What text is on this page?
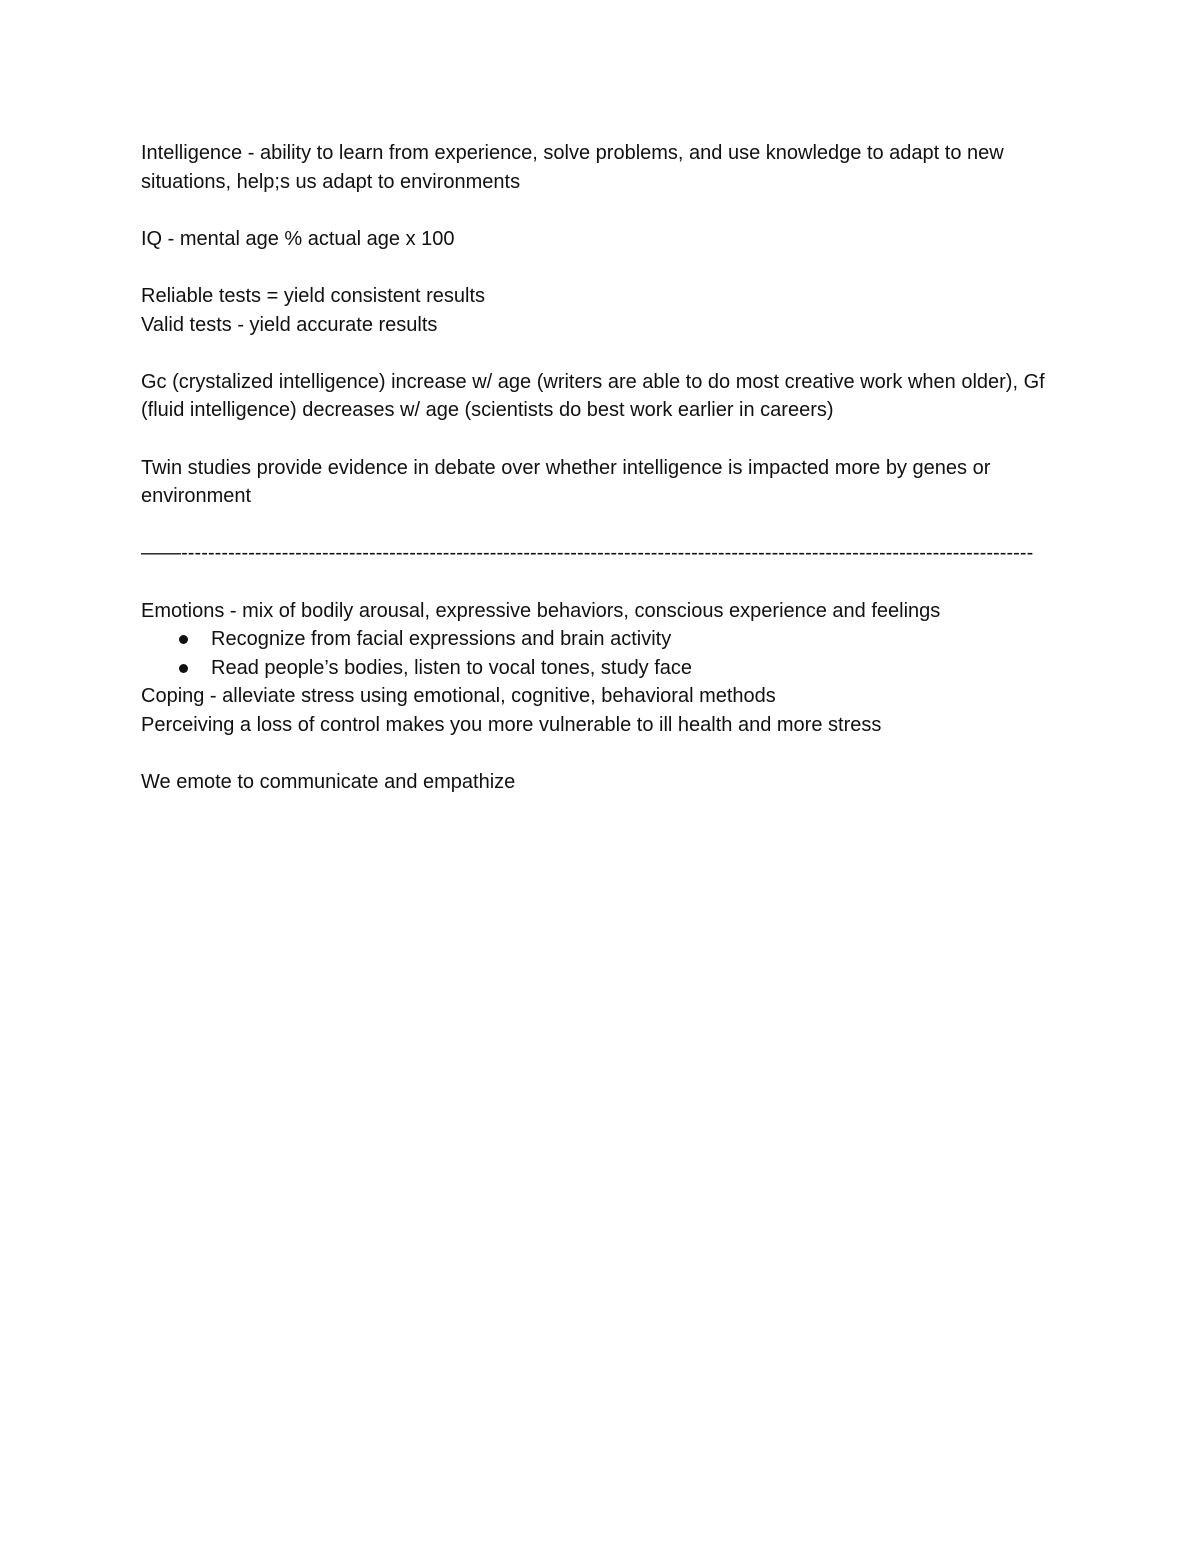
Intelligence - ability to learn from experience, solve problems, and use knowledge to adapt to new situations, help;s us adapt to environments

IQ - mental age % actual age x 100

Reliable tests = yield consistent results

Valid tests - yield accurate results

Gc (crystalized intelligence) increase w/ age (writers are able to do most creative work when older), Gf (fluid intelligence) decreases w/ age (scientists do best work earlier in careers)

Twin studies provide evidence in debate over whether intelligence is impacted more by genes or environment

——-------------------------------------------------------------------------------------------------------------------------------

Emotions - mix of bodily arousal, expressive behaviors, conscious experience and feelings

Recognize from facial expressions and brain activity
Read people’s bodies, listen to vocal tones, study face

Coping - alleviate stress using emotional, cognitive, behavioral methods

Perceiving a loss of control makes you more vulnerable to ill health and more stress

We emote to communicate and empathize
